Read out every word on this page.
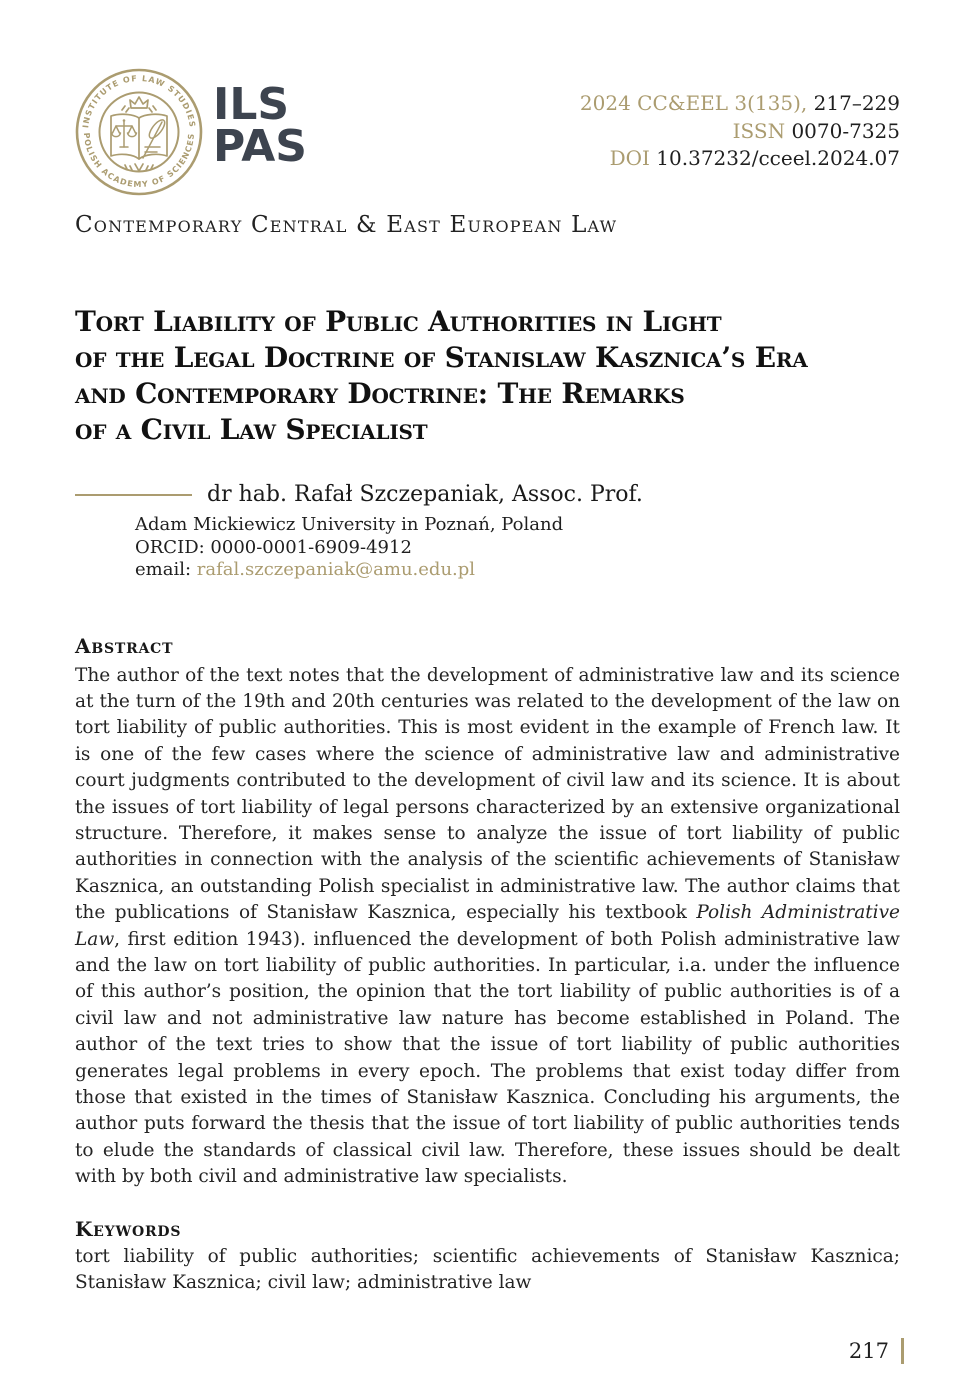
INSTITUTE OF LAW STUDIES
POLISH ACADEMY OF SCIENCES
ILS
PAS
2024 CC&EEL 3(135), 217–229
ISSN 0070-7325
DOI 10.37232/cceel.2024.07
Contemporary Central & East European Law
Tort Liability of Public Authorities in Light
of the Legal Doctrine of Stanislaw Kasznica’s Era
and Contemporary Doctrine: The Remarks
of a Civil Law Specialist
dr hab. Rafał Szczepaniak, Assoc. Prof.
Adam Mickiewicz University in Poznań, Poland
ORCID: 0000-0001-6909-4912
email: rafal.szczepaniak@amu.edu.pl
Abstract

The author of the text notes that the development of administrative law and its science at the turn of the 19th and 20th centuries was related to the development of the law on tort liability of public authorities. This is most evident in the example of French law. It is one of the few cases where the science of administrative law and administrative court judgments contributed to the development of civil law and its science. It is about the issues of tort liability of legal persons characterized by an extensive organizational structure. Therefore, it makes sense to analyze the issue of tort liability of public authorities in connection with the analysis of the scientific achievements of Stanisław Kasznica, an outstanding Polish specialist in administrative law. The author claims that the publications of Stanisław Kasznica, especially his textbook Polish Administrative Law, first edition 1943). influenced the development of both Polish administrative law and the law on tort liability of public authorities. In particular, i.a. under the influence of this author’s position, the opinion that the tort liability of public authorities is of a civil law and not administrative law nature has become established in Poland. The author of the text tries to show that the issue of tort liability of public authorities generates legal problems in every epoch. The problems that exist today differ from those that existed in the times of Stanisław Kasznica. Concluding his arguments, the author puts forward the thesis that the issue of tort liability of public authorities tends to elude the standards of classical civil law. Therefore, these issues should be dealt with by both civil and administrative law specialists.

Keywords

tort liability of public authorities; scientific achievements of Stanisław Kasznica; Stanisław Kasznica; civil law; administrative law

217
